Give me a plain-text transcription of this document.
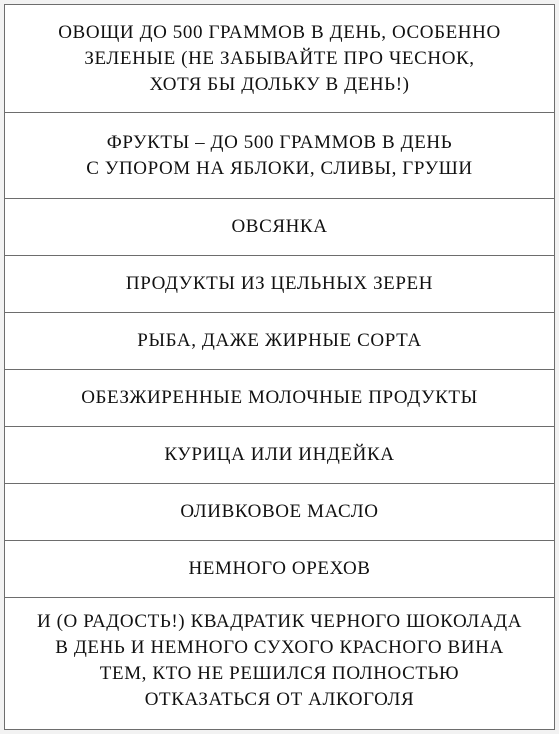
ОВОЩИ ДО 500 ГРАММОВ В ДЕНЬ, ОСОБЕННО
ЗЕЛЕНЫЕ (НЕ ЗАБЫВАЙТЕ ПРО ЧЕСНОК,
ХОТЯ БЫ ДОЛЬКУ В ДЕНЬ!)
ФРУКТЫ – ДО 500 ГРАММОВ В ДЕНЬ
С УПОРОМ НА ЯБЛОКИ, СЛИВЫ, ГРУШИ
ОВСЯНКА
ПРОДУКТЫ ИЗ ЦЕЛЬНЫХ ЗЕРЕН
РЫБА, ДАЖЕ ЖИРНЫЕ СОРТА
ОБЕЗЖИРЕННЫЕ МОЛОЧНЫЕ ПРОДУКТЫ
КУРИЦА ИЛИ ИНДЕЙКА
ОЛИВКОВОЕ МАСЛО
НЕМНОГО ОРЕХОВ
И (О РАДОСТЬ!) КВАДРАТИК ЧЕРНОГО ШОКОЛАДА
В ДЕНЬ И НЕМНОГО СУХОГО КРАСНОГО ВИНА
ТЕМ, КТО НЕ РЕШИЛСЯ ПОЛНОСТЬЮ
ОТКАЗАТЬСЯ ОТ АЛКОГОЛЯ
